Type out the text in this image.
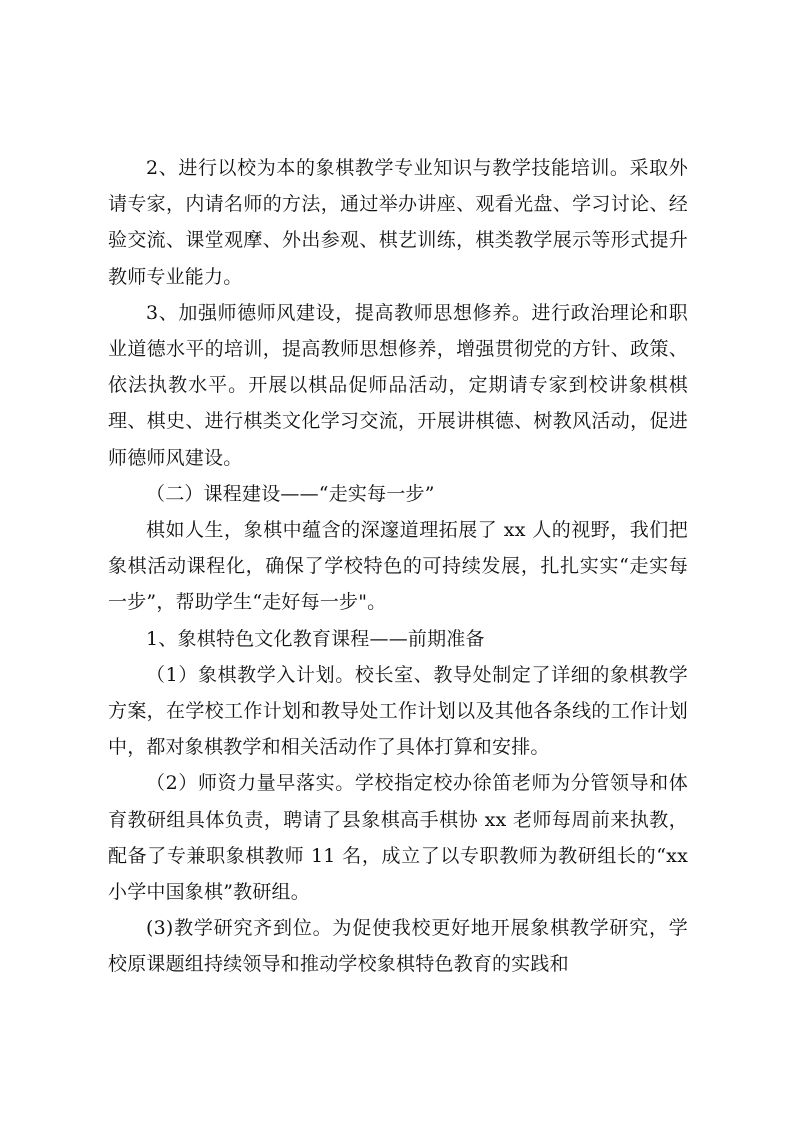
2、进行以校为本的象棋教学专业知识与教学技能培训。采取外请专家，内请名师的方法，通过举办讲座、观看光盘、学习讨论、经验交流、课堂观摩、外出参观、棋艺训练，棋类教学展示等形式提升教师专业能力。

3、加强师德师风建设，提高教师思想修养。进行政治理论和职业道德水平的培训，提高教师思想修养，增强贯彻党的方针、政策、依法执教水平。开展以棋品促师品活动，定期请专家到校讲象棋棋理、棋史、进行棋类文化学习交流，开展讲棋德、树教风活动，促进师德师风建设。

（二）课程建设——“走实每一步”

棋如人生，象棋中蕴含的深邃道理拓展了 xx 人的视野，我们把象棋活动课程化，确保了学校特色的可持续发展，扎扎实实“走实每一步”，帮助学生“走好每一步"。

1、象棋特色文化教育课程——前期准备

（1）象棋教学入计划。校长室、教导处制定了详细的象棋教学方案，在学校工作计划和教导处工作计划以及其他各条线的工作计划中，都对象棋教学和相关活动作了具体打算和安排。

（2）师资力量早落实。学校指定校办徐笛老师为分管领导和体育教研组具体负责，聘请了县象棋高手棋协 xx 老师每周前来执教，配备了专兼职象棋教师 11 名，成立了以专职教师为教研组长的“xx 小学中国象棋”教研组。

(3)教学研究齐到位。为促使我校更好地开展象棋教学研究，学校原课题组持续领导和推动学校象棋特色教育的实践和
